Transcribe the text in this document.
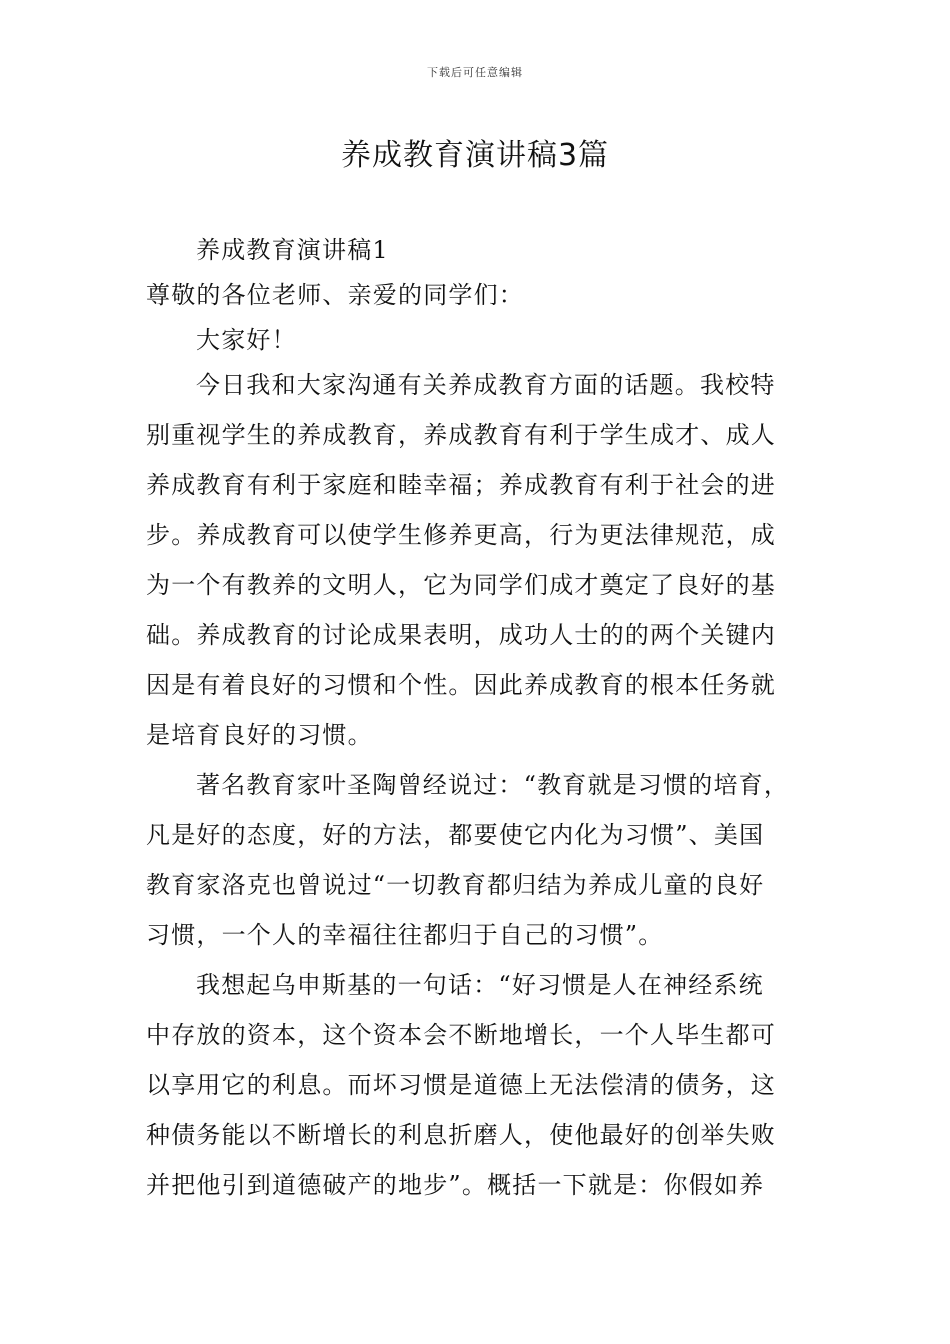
下载后可任意编辑
养成教育演讲稿3篇
养成教育演讲稿1
尊敬的各位老师、亲爱的同学们：
大家好！
今日我和大家沟通有关养成教育方面的话题。我校特
别重视学生的养成教育，养成教育有利于学生成才、成人
养成教育有利于家庭和睦幸福；养成教育有利于社会的进
步。养成教育可以使学生修养更高，行为更法律规范，成
为一个有教养的文明人，它为同学们成才奠定了良好的基
础。养成教育的讨论成果表明，成功人士的的两个关键内
因是有着良好的习惯和个性。因此养成教育的根本任务就
是培育良好的习惯。
著名教育家叶圣陶曾经说过：“教育就是习惯的培育，
凡是好的态度，好的方法，都要使它内化为习惯”、美国
教育家洛克也曾说过“一切教育都归结为养成儿童的良好
习惯，一个人的幸福往往都归于自己的习惯”。
我想起乌申斯基的一句话：“好习惯是人在神经系统
中存放的资本，这个资本会不断地增长，一个人毕生都可
以享用它的利息。而坏习惯是道德上无法偿清的债务，这
种债务能以不断增长的利息折磨人，使他最好的创举失败
并把他引到道德破产的地步”。概括一下就是：你假如养
